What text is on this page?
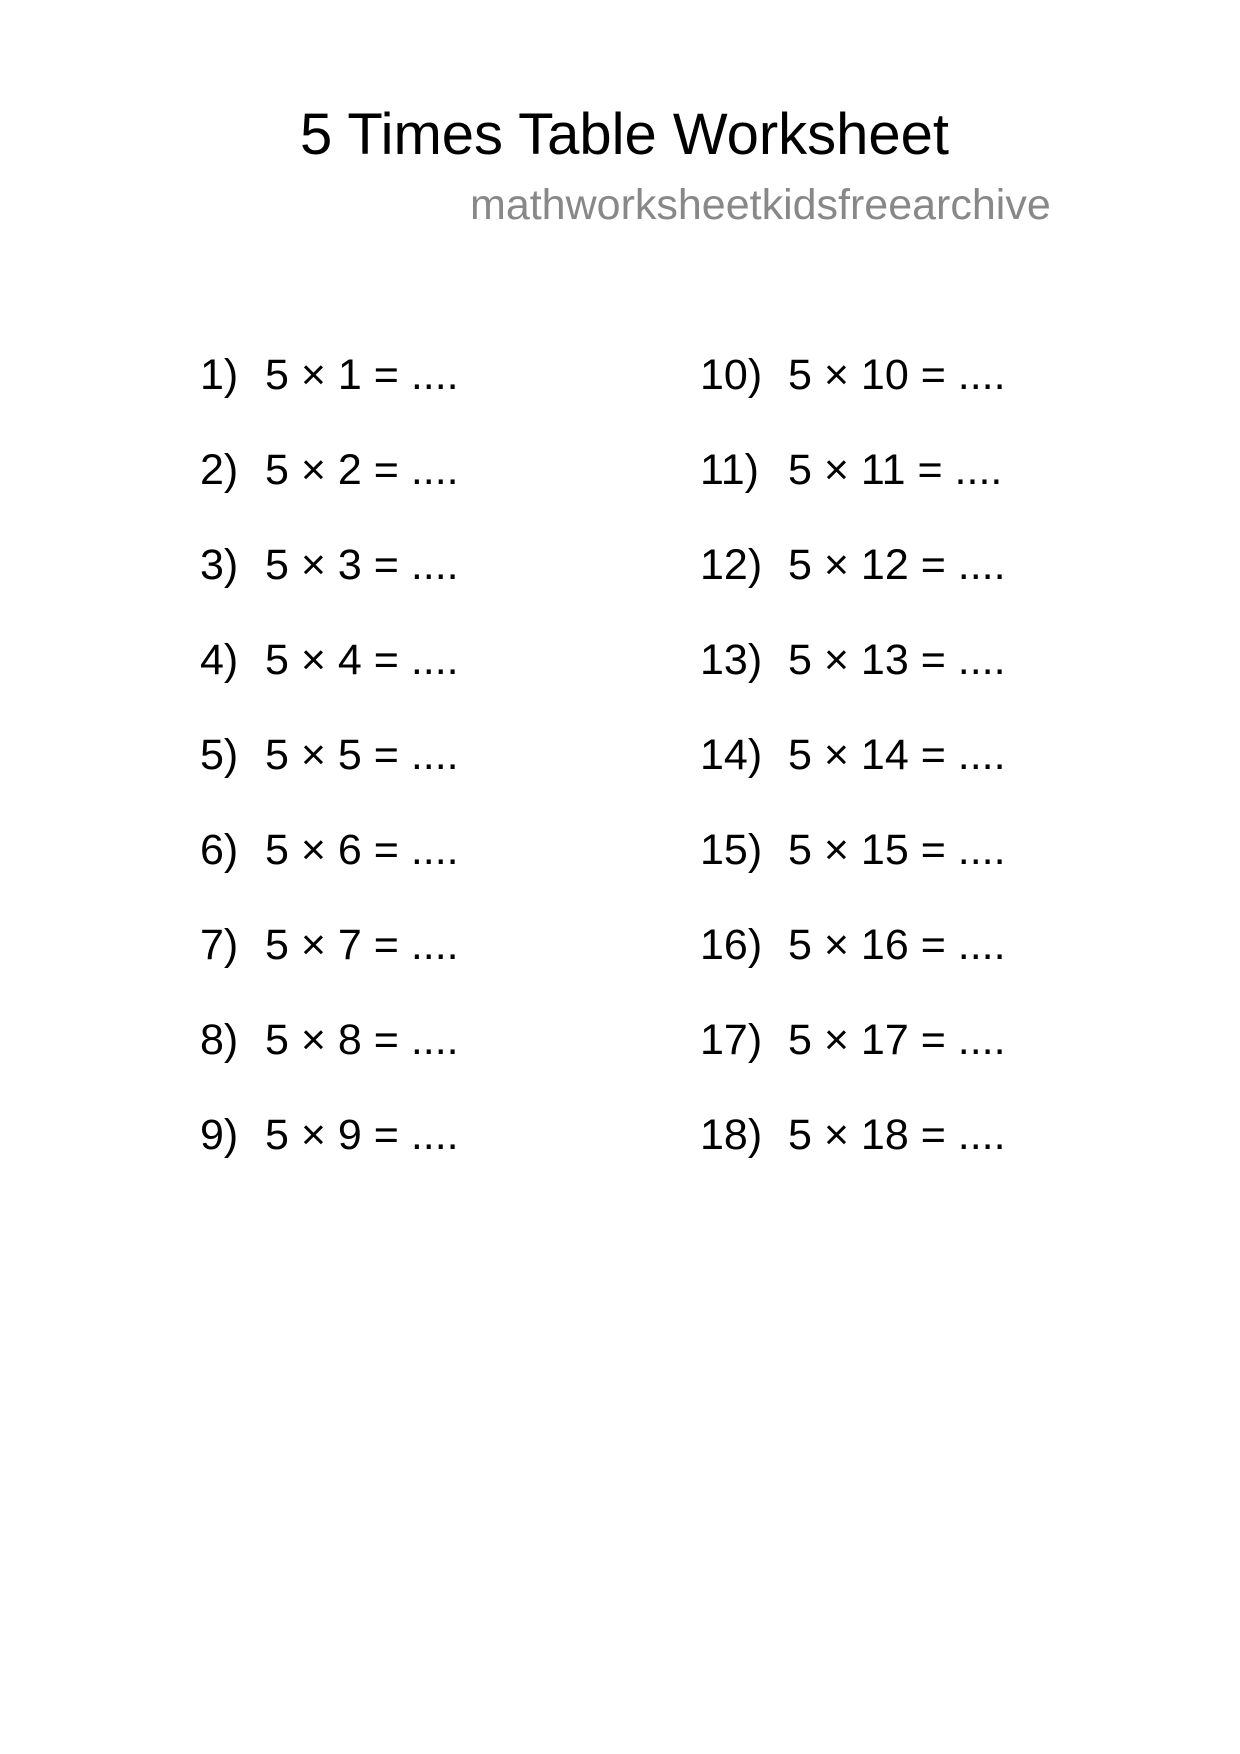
5 Times Table Worksheet
mathworksheetkidsfreearchive
1) 5 × 1 = ....
2) 5 × 2 = ....
3) 5 × 3 = ....
4) 5 × 4 = ....
5) 5 × 5 = ....
6) 5 × 6 = ....
7) 5 × 7 = ....
8) 5 × 8 = ....
9) 5 × 9 = ....
10) 5 × 10 = ....
11) 5 × 11 = ....
12) 5 × 12 = ....
13) 5 × 13 = ....
14) 5 × 14 = ....
15) 5 × 15 = ....
16) 5 × 16 = ....
17) 5 × 17 = ....
18) 5 × 18 = ....
